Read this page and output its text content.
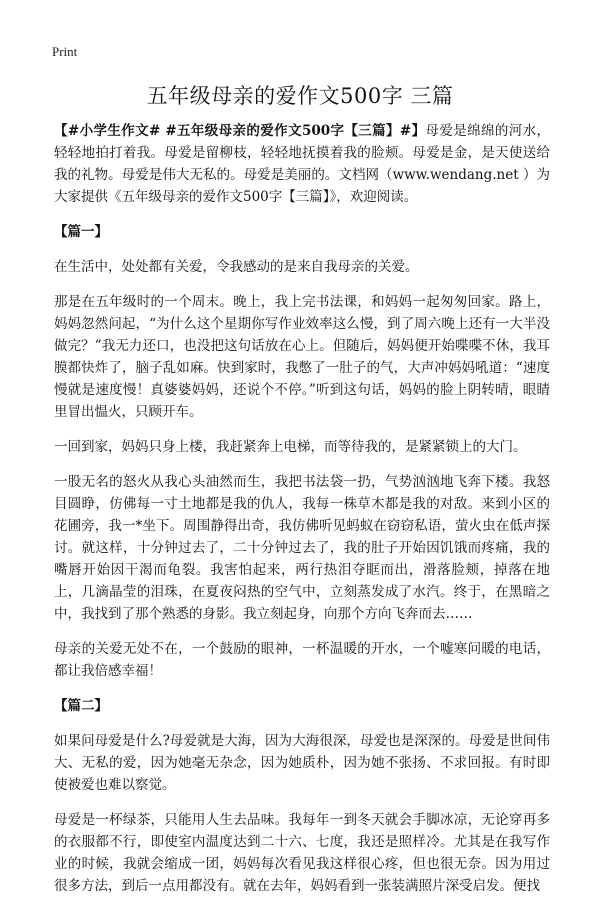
Print
五年级母亲的爱作文500字 三篇

【#小学生作文# #五年级母亲的爱作文500字【三篇】#】母爱是绵绵的河水，轻轻地拍打着我。母爱是留柳枝，轻轻地抚摸着我的脸颊。母爱是金，是天使送给我的礼物。母爱是伟大无私的。母爱是美丽的。文档网（www.wendang.net ）为大家提供《五年级母亲的爱作文500字【三篇】》，欢迎阅读。

【篇一】

在生活中，处处都有关爱，令我感动的是来自我母亲的关爱。

那是在五年级时的一个周末。晚上，我上完书法课，和妈妈一起匆匆回家。路上，妈妈忽然问起，“为什么这个星期你写作业效率这么慢，到了周六晚上还有一大半没做完？”我无力还口，也没把这句话放在心上。但随后，妈妈便开始喋喋不休，我耳膜都快炸了，脑子乱如麻。快到家时，我憋了一肚子的气，大声冲妈妈吼道：“速度慢就是速度慢！真婆婆妈妈，还说个不停。”听到这句话，妈妈的脸上阴转晴，眼睛里冒出愠火，只顾开车。

一回到家，妈妈只身上楼，我赶紧奔上电梯，而等待我的，是紧紧锁上的大门。

一股无名的怒火从我心头油然而生，我把书法袋一扔，气势汹汹地飞奔下楼。我怒目圆睁，仿佛每一寸土地都是我的仇人，我每一株草木都是我的对敌。来到小区的花圃旁，我一*坐下。周围静得出奇，我仿佛听见蚂蚁在窃窃私语，萤火虫在低声探讨。就这样，十分钟过去了，二十分钟过去了，我的肚子开始因饥饿而疼痛，我的嘴唇开始因干渴而龟裂。我害怕起来，两行热泪夺眶而出，滑落脸颊，掉落在地上，几滴晶莹的泪珠，在夏夜闷热的空气中，立刻蒸发成了水汽。终于，在黑暗之中，我找到了那个熟悉的身影。我立刻起身，向那个方向飞奔而去……

母亲的关爱无处不在，一个鼓励的眼神，一杯温暖的开水，一个嘘寒问暖的电话，都让我倍感幸福！

【篇二】

如果问母爱是什么?母爱就是大海，因为大海很深，母爱也是深深的。母爱是世间伟大、无私的爱，因为她毫无杂念，因为她质朴，因为她不张扬、不求回报。有时即使被爱也难以察觉。

母爱是一杯绿茶，只能用人生去品味。我每年一到冬天就会手脚冰凉，无论穿再多的衣服都不行，即使室内温度达到二十六、七度，我还是照样冷。尤其是在我写作业的时候，我就会缩成一团，妈妈每次看见我这样很心疼，但也很无奈。因为用过很多方法，到后一点用都没有。就在去年，妈妈看到一张装满照片深受启发。便找
